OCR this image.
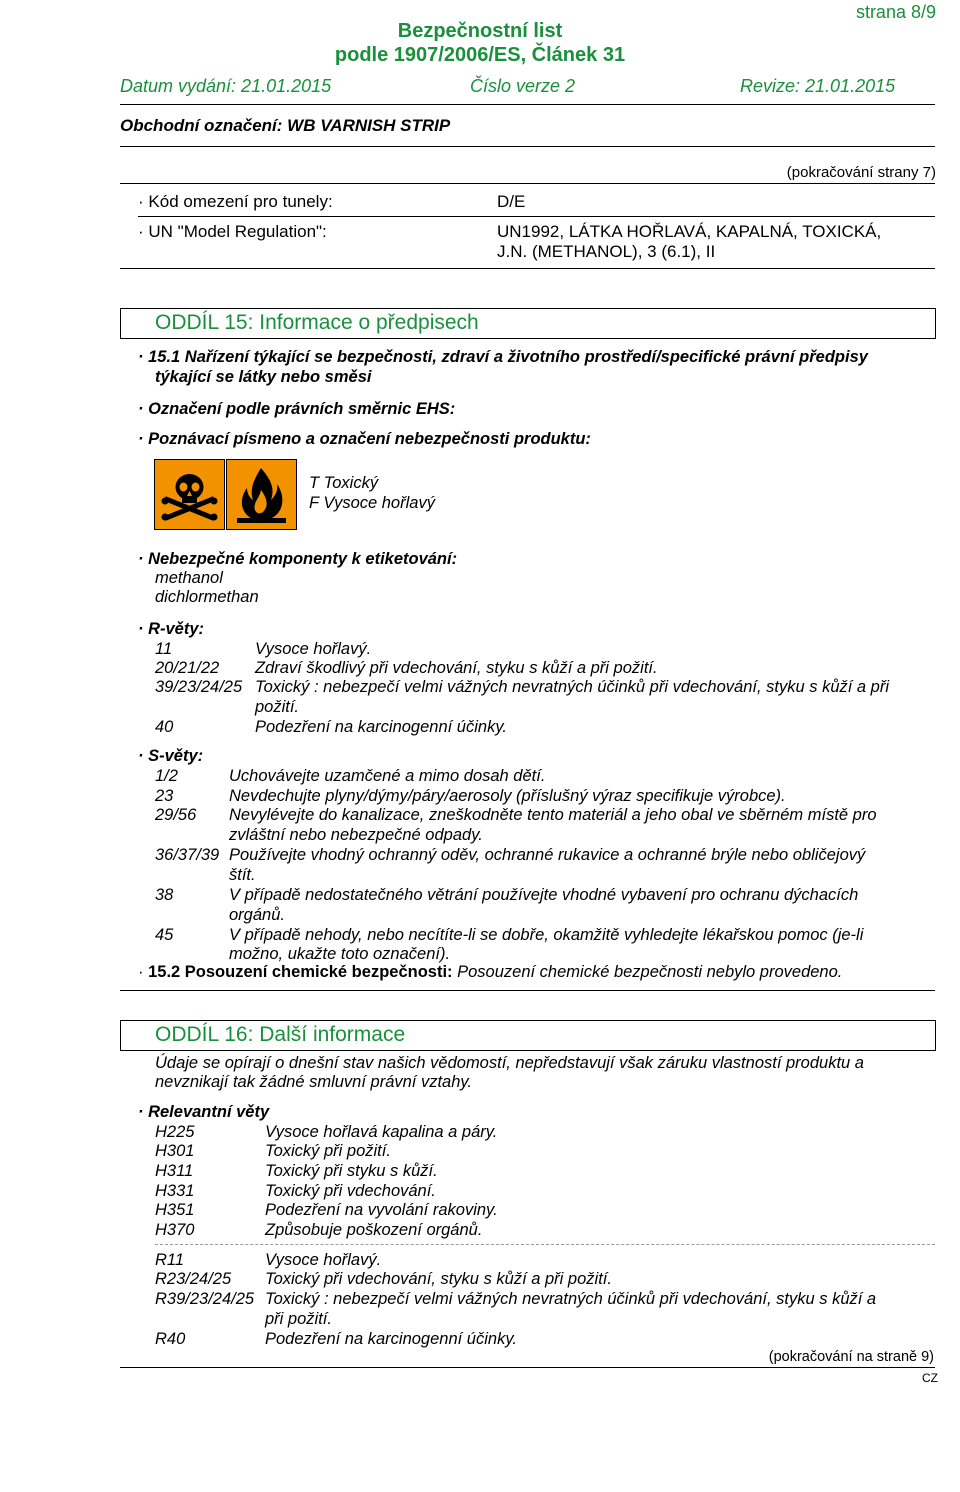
strana 8/9
Bezpečnostní list
podle 1907/2006/ES, Článek 31
Datum vydání: 21.01.2015	Číslo verze 2	Revize: 21.01.2015
Obchodní označení: WB VARNISH STRIP
(pokračování strany 7)
· Kód omezení pro tunely:	D/E
· UN "Model Regulation":	UN1992, LÁTKA HOŘLAVÁ, KAPALNÁ, TOXICKÁ,
J.N. (METHANOL), 3 (6.1), II
ODDÍL 15: Informace o předpisech
· 15.1 Nařízení týkající se bezpečnosti, zdraví a životního prostředí/specifické právní předpisy
týkající se látky nebo směsi
· Označení podle právních směrnic EHS:
· Poznávací písmeno a označení nebezpečnosti produktu:
T Toxický
F Vysoce hořlavý
· Nebezpečné komponenty k etiketování:
methanol
dichlormethan
· R-věty:
11	Vysoce hořlavý.
20/21/22 Zdraví škodlivý při vdechování, styku s kůží a při požití.
39/23/24/25 Toxický : nebezpečí velmi vážných nevratných účinků při vdechování, styku s kůží a při
požití.
40	Podezření na karcinogenní účinky.
· S-věty:
1/2	Uchovávejte uzamčené a mimo dosah dětí.
23	Nevdechujte plyny/dýmy/páry/aerosoly (příslušný výraz specifikuje výrobce).
29/56 Nevylévejte do kanalizace, zneškodněte tento materiál a jeho obal ve sběrném místě pro
zvláštní nebo nebezpečné odpady.
36/37/39 Používejte vhodný ochranný oděv, ochranné rukavice a ochranné brýle nebo obličejový
štít.
38	V případě nedostatečného větrání používejte vhodné vybavení pro ochranu dýchacích
orgánů.
45	V případě nehody, nebo necítíte-li se dobře, okamžitě vyhledejte lékařskou pomoc (je-li
možno, ukažte toto označení).
· 15.2 Posouzení chemické bezpečnosti: Posouzení chemické bezpečnosti nebylo provedeno.
ODDÍL 16: Další informace
Údaje se opírají o dnešní stav našich vědomostí, nepředstavují však záruku vlastností produktu a
nevznikají tak žádné smluvní právní vztahy.
· Relevantní věty
H225	Vysoce hořlavá kapalina a páry.
H301	Toxický při požití.
H311	Toxický při styku s kůží.
H331	Toxický při vdechování.
H351	Podezření na vyvolání rakoviny.
H370	Způsobuje poškození orgánů.
R11	Vysoce hořlavý.
R23/24/25 Toxický při vdechování, styku s kůží a při požití.
R39/23/24/25 Toxický : nebezpečí velmi vážných nevratných účinků při vdechování, styku s kůží a
při požití.
R40	Podezření na karcinogenní účinky.
(pokračování na straně 9)
CZ
